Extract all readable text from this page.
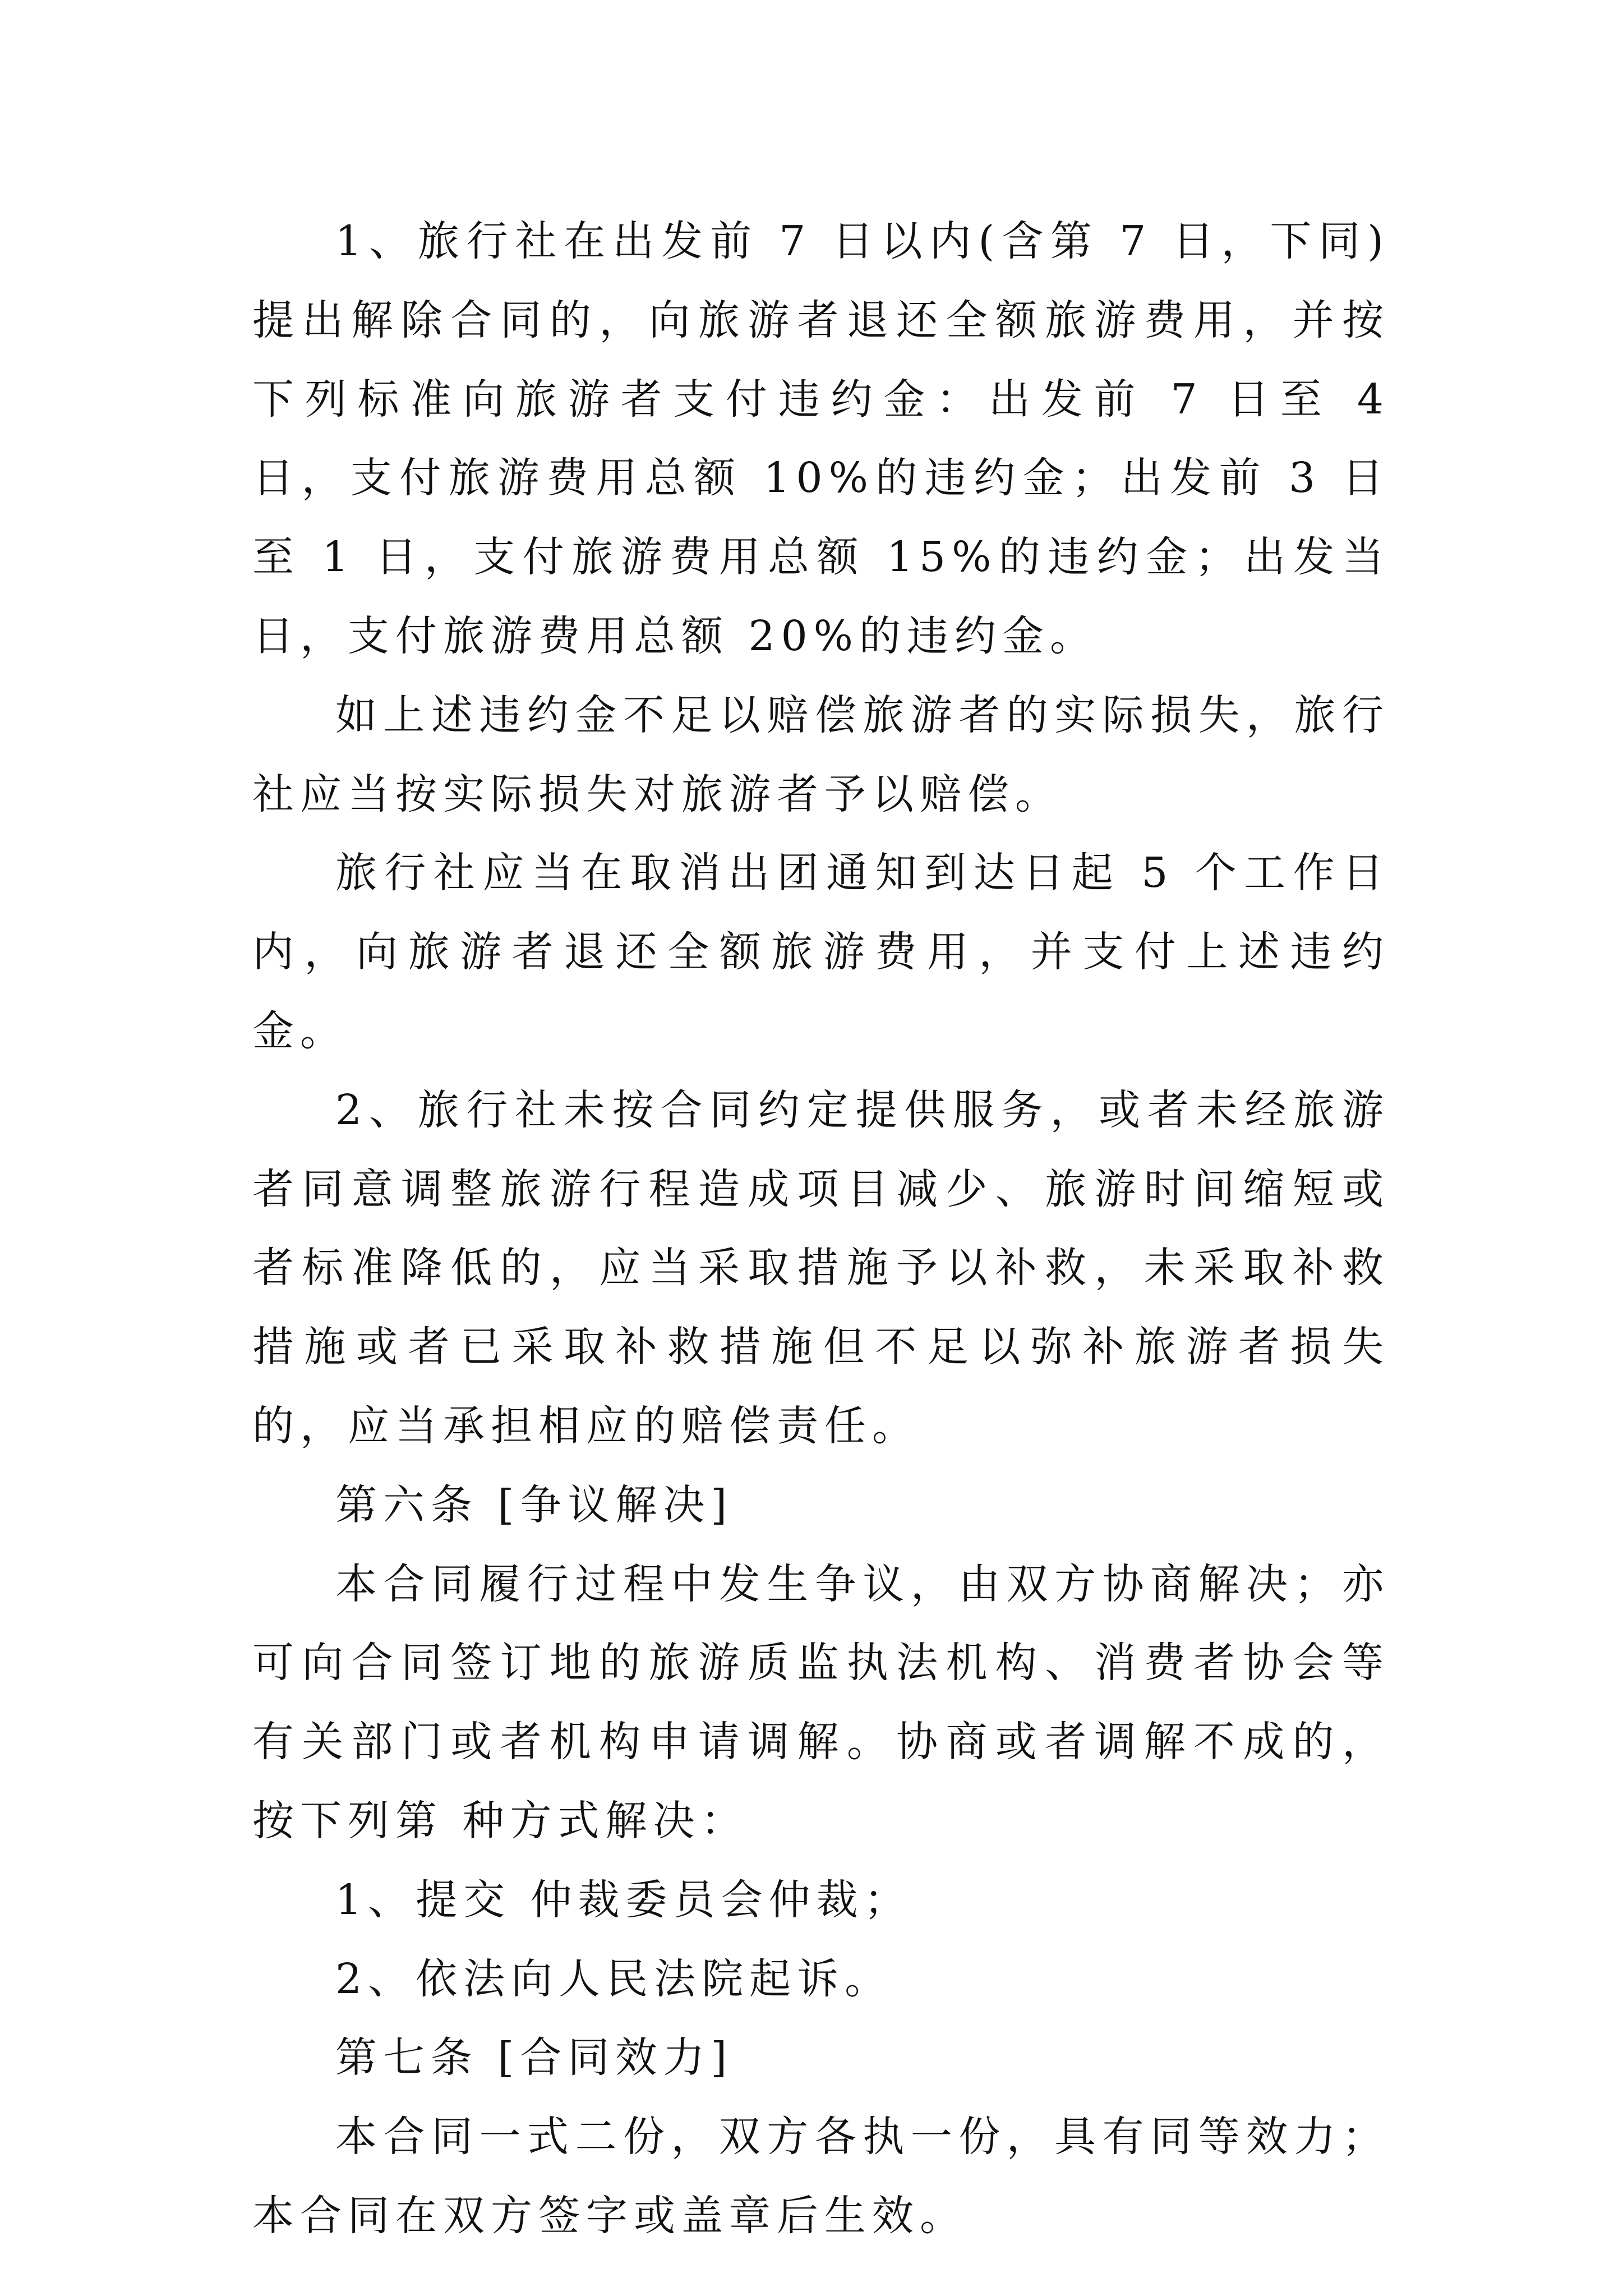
1、旅行社在出发前 7 日以内(含第 7 日，下同)提出解除合同的，向旅游者退还全额旅游费用，并按下列标准向旅游者支付违约金：出发前 7 日至 4 日，支付旅游费用总额 10%的违约金；出发前 3 日至 1 日，支付旅游费用总额 15%的违约金；出发当日，支付旅游费用总额 20%的违约金。

如上述违约金不足以赔偿旅游者的实际损失，旅行社应当按实际损失对旅游者予以赔偿。

旅行社应当在取消出团通知到达日起 5 个工作日内，向旅游者退还全额旅游费用，并支付上述违约金。

2、旅行社未按合同约定提供服务，或者未经旅游者同意调整旅游行程造成项目减少、旅游时间缩短或者标准降低的，应当采取措施予以补救，未采取补救措施或者已采取补救措施但不足以弥补旅游者损失的，应当承担相应的赔偿责任。

第六条 [争议解决]

本合同履行过程中发生争议，由双方协商解决；亦可向合同签订地的旅游质监执法机构、消费者协会等有关部门或者机构申请调解。协商或者调解不成的，按下列第 种方式解决：

1、提交 仲裁委员会仲裁；

2、依法向人民法院起诉。

第七条 [合同效力]

本合同一式二份，双方各执一份，具有同等效力；本合同在双方签字或盖章后生效。
